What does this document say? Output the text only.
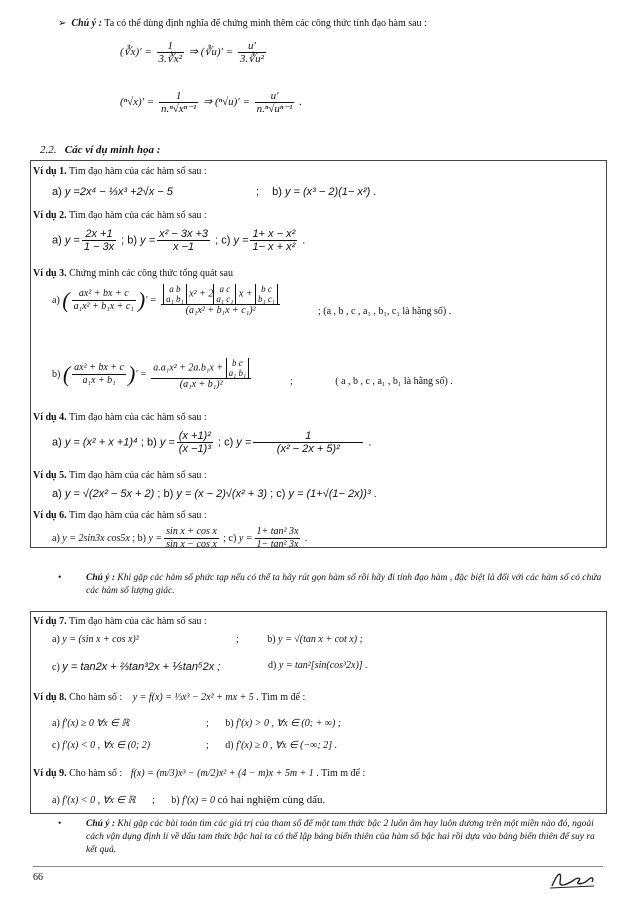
➢ Chú ý : Ta có thể dùng định nghĩa để chứng minh thêm các công thức tính đạo hàm sau :
(∛x)′ = $\frac{1}{\text{3.∛x²}}$ ⇒ (∛u)′ = $\frac{u'}{\text{3.∛u²}}$
$(^n√x)' = \frac{1}{\text{n.ⁿ√xⁿ⁻¹}}$ ⇒ $(^n√u)' = \frac{u'}{\text{n.ⁿ√uⁿ⁻¹}}$ .
2.2. Các ví dụ minh họa :
Ví dụ 1. Tìm đạo hàm của các hàm số sau :
a) y =2x⁴ − ⅓x³ +2√x − 5	; b) y = (x³ − 2)(1− x²) .
Ví dụ 2. Tìm đạo hàm của các hàm số sau :
a) $y = \frac{2x +1}{1 - 3x}$ ; b) $y = \frac{\text{x² − 3x +3}}{x -1}$ ; c) $y = \frac{\text{1+ x − x²}}{\text{1− x + x²}}$ .
Ví dụ 3. Chứng minh các công thức tổng quát sau
a) ( $\frac{\text{ax² + bx + c}}{\text{a₁x² + b₁x + c₁}}$ )′ =
a b
a₁ b₁ x² + 2 a c
a₁ c₁ x + b c
b₁ c₁
(a₁x² + b₁x + c₁)²	; (a , b , c , a₁ , b₁, c₁ là hằng số) .
b) ( $\frac{\text{ax² + bx + c}}{\text{a₁x + b₁}}$ )′ =
a.a₁x² + 2a.b₁x + b c
a₁ b₁
(a₁x + b₁)²	;	( a , b , c , a₁ , b₁ là hằng số) .
Ví dụ 4. Tìm đạo hàm của các hàm số sau :
a) y = (x² + x +1)⁴ ; b) $y = \frac{\text{(x +1)²}}{\text{(x −1)³}}$ ; c) $y = \frac{1}{\text{(x² − 2x + 5)²}}$ .
Ví dụ 5. Tìm đạo hàm của các hàm số sau :
a) y = √(2x² − 5x + 2) ; b) y = (x − 2)√(x² + 3) ; c) y = (1+√(1− 2x))³ .
Ví dụ 6. Tìm đạo hàm của các hàm số sau :
a) y = 2sin3x cos5x ; b) $y = \frac{\text{sin x + cos x}}{\text{sin x − cos x}}$ ; c) $y = \frac{\text{1+ tan² 3x}}{\text{1− tan² 3x}}$ .
•	Chú ý : Khi gặp các hàm số phức tạp nếu có thể ta hãy rút gọn hàm số rồi hãy đi tính đạo hàm , đặc biệt là đối với các hàm số có chứa các hàm số lượng giác.
Ví dụ 7. Tìm đạo hàm của các hàm số sau :
a) y = (sin x + cos x)²	;	b) y = √(tan x + cot x) ;
c) y = tan2x + ⅔tan³2x + ⅕tan⁵2x ;	d) y = tan²[sin(cos³2x)] .
Ví dụ 8. Cho hàm số : y = f(x) = ⅓x³ − 2x² + mx + 5 . Tìm m để :
a) f′(x) ≥ 0 ∀x ∈ ℝ	; b) f′(x) > 0 , ∀x ∈ (0; + ∞) ;
c) f′(x) < 0 , ∀x ∈ (0; 2)	; d) f′(x) ≥ 0 , ∀x ∈ (−∞; 2] .
Ví dụ 9. Cho hàm số : f(x) = (m/3)x³ − (m/2)x² + (4 − m)x + 5m + 1 . Tìm m để :
a) f′(x) < 0 , ∀x ∈ ℝ ; b) f′(x) = 0 có hai nghiệm cùng dấu.
•	Chú ý : Khi gặp các bài toán tìm các giá trị của tham số để một tam thức bậc 2 luôn âm hay luôn dương trên một miền nào đó, ngoài cách vận dụng định lí về dấu tam thức bậc hai ta có thể lập bảng biến thiên của hàm số bậc hai rồi dựa vào bảng biến thiên để suy ra kết quả.
66
